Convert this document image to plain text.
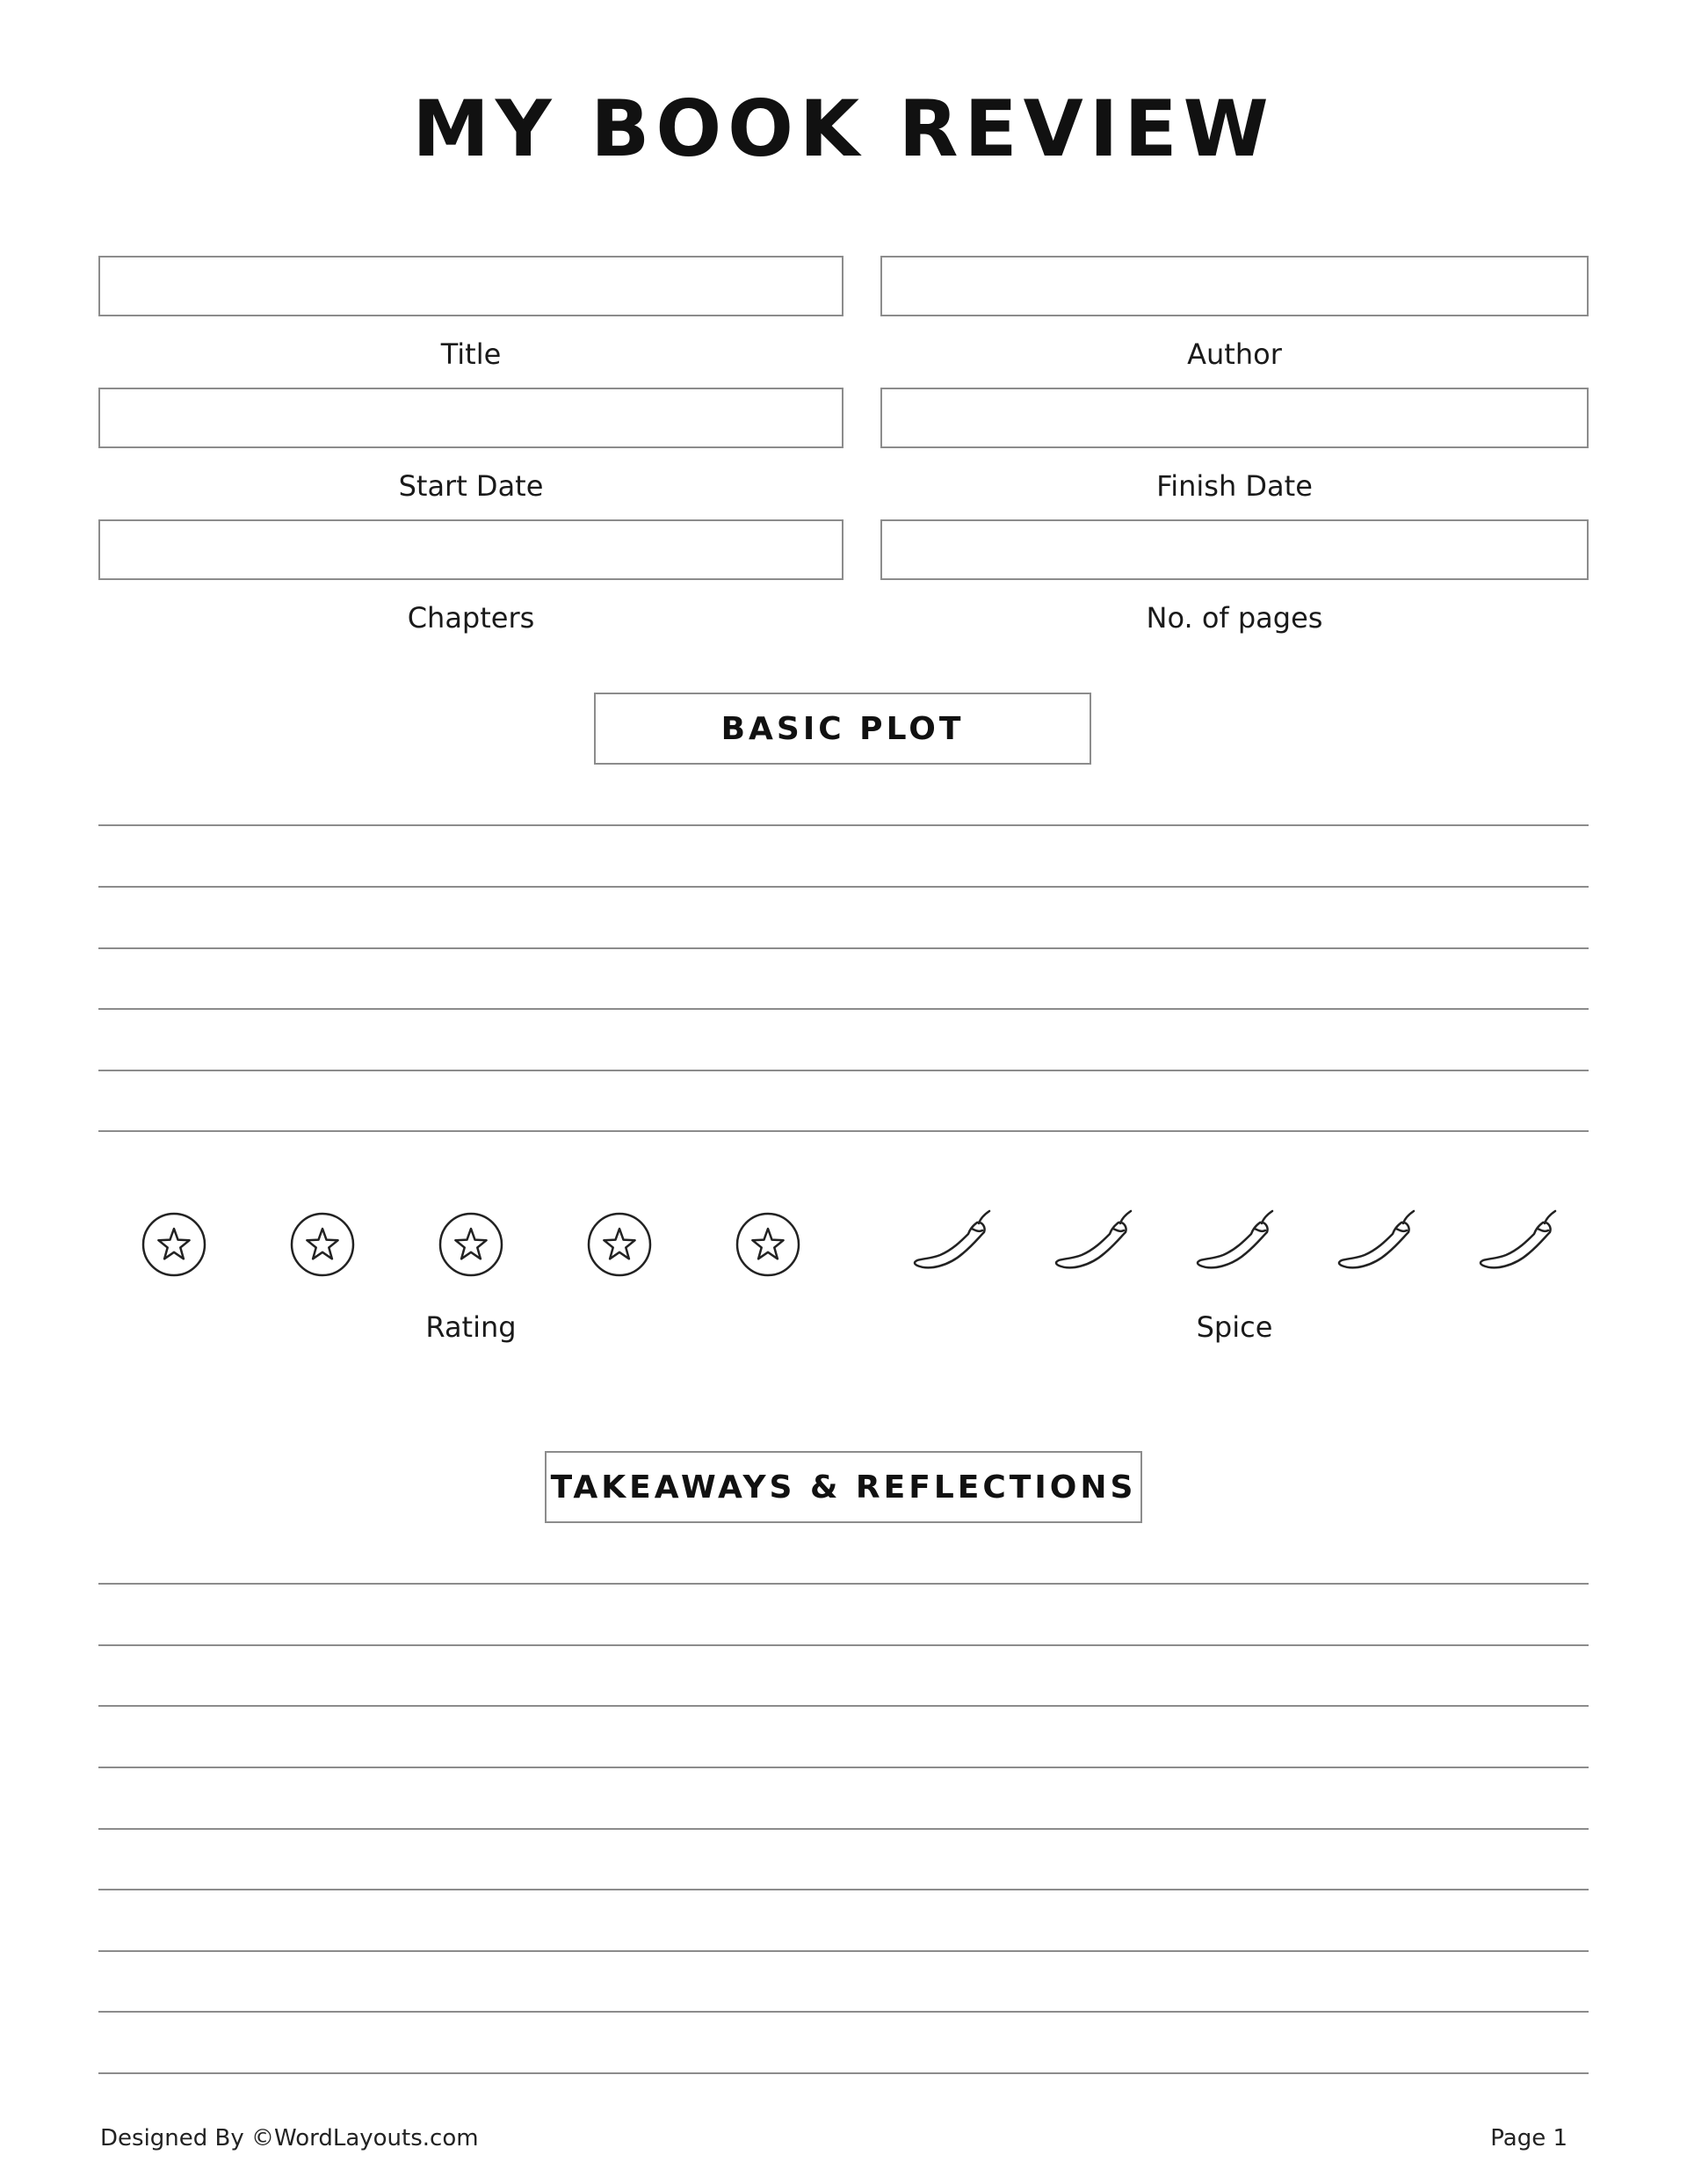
MY BOOK REVIEW
Title	Author
Start Date	Finish Date
Chapters	No. of pages
BASIC PLOT
Rating	Spice
TAKEAWAYS & REFLECTIONS
Designed By ©WordLayouts.com	Page 1
